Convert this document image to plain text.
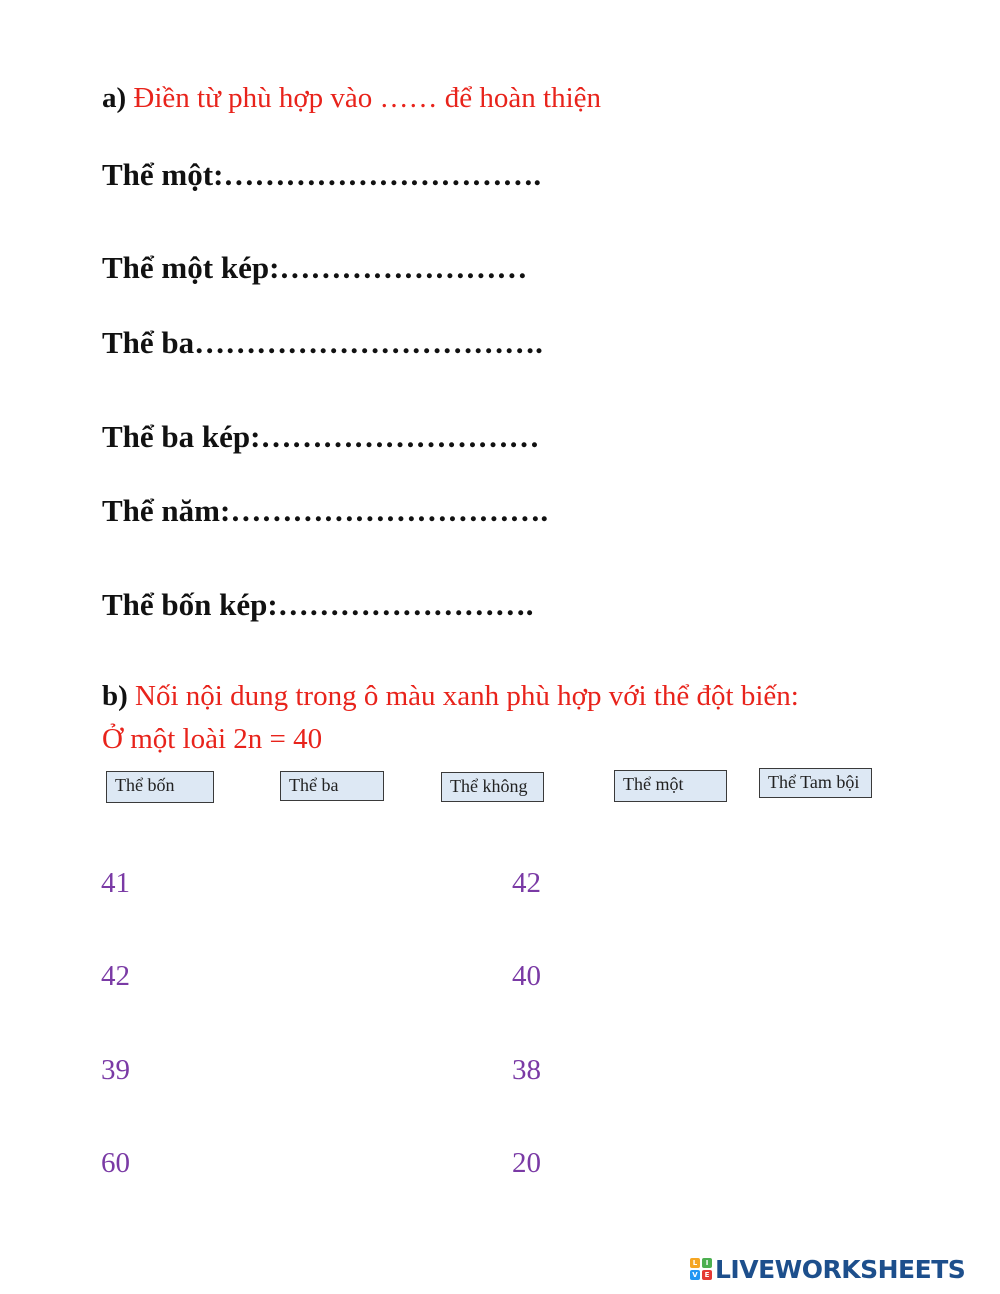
a) Điền từ phù hợp vào …… để hoàn thiện
Thể một:………………………….
Thể một kép:……………………
Thể ba…………………………….
Thể ba kép:………………………
Thể năm:………………………….
Thể bốn kép:…………………….
b) Nối nội dung trong ô màu xanh phù hợp với thể đột biến:
Ở một loài 2n = 40
Thể bốn	Thể ba	Thể không	Thể một	Thể Tam bội
41
42
39
60
42
40
38
20
L	I
V E LIVEWORKSHEETS
